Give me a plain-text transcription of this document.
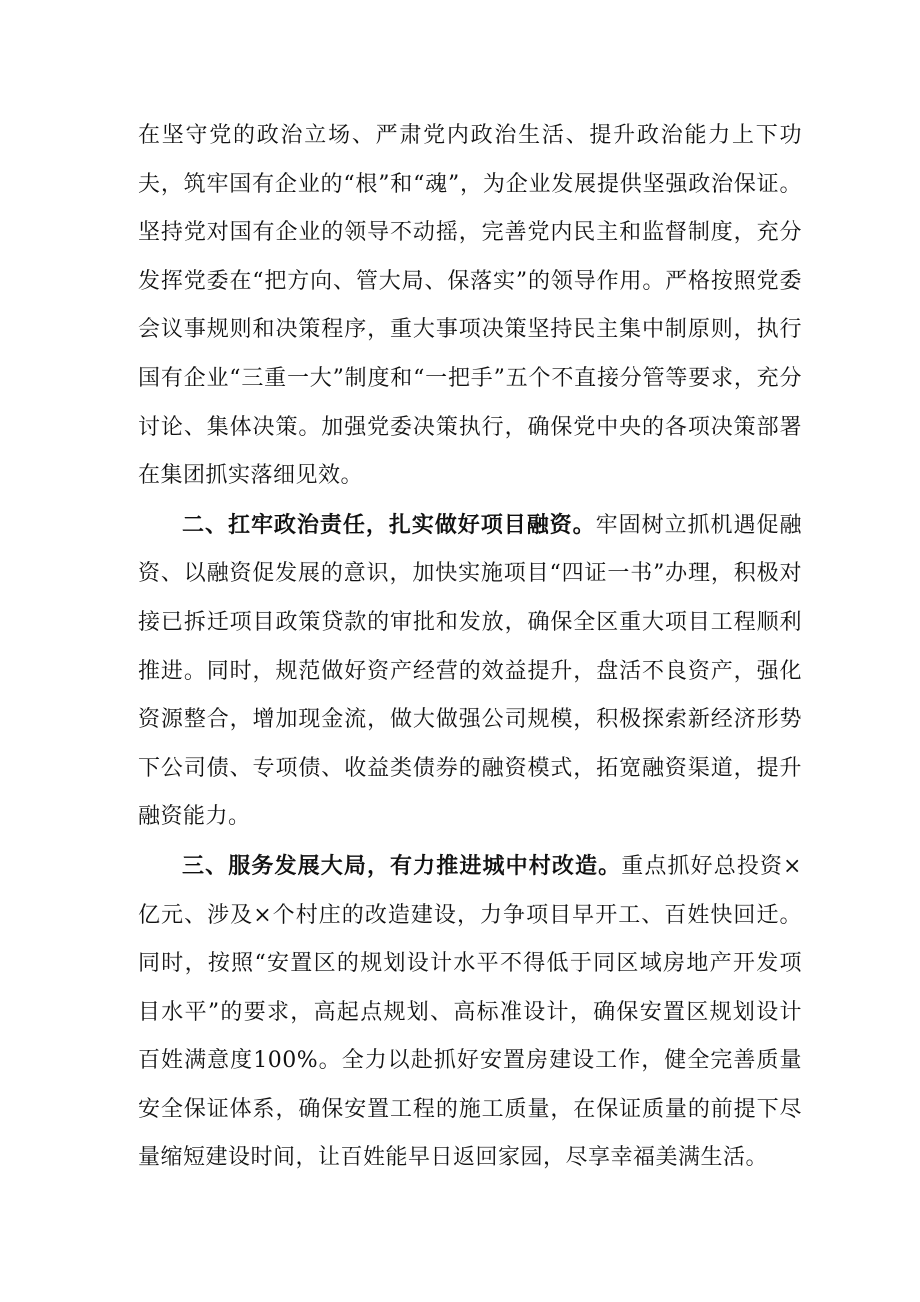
在坚守党的政治立场、严肃党内政治生活、提升政治能力上下功夫，筑牢国有企业的“根”和“魂”，为企业发展提供坚强政治保证。坚持党对国有企业的领导不动摇，完善党内民主和监督制度，充分发挥党委在“把方向、管大局、保落实”的领导作用。严格按照党委会议事规则和决策程序，重大事项决策坚持民主集中制原则，执行国有企业“三重一大”制度和“一把手”五个不直接分管等要求，充分讨论、集体决策。加强党委决策执行，确保党中央的各项决策部署在集团抓实落细见效。

二、扛牢政治责任，扎实做好项目融资。牢固树立抓机遇促融资、以融资促发展的意识，加快实施项目“四证一书”办理，积极对接已拆迁项目政策贷款的审批和发放，确保全区重大项目工程顺利推进。同时，规范做好资产经营的效益提升，盘活不良资产，强化资源整合，增加现金流，做大做强公司规模，积极探索新经济形势下公司债、专项债、收益类债券的融资模式，拓宽融资渠道，提升融资能力。

三、服务发展大局，有力推进城中村改造。重点抓好总投资×亿元、涉及×个村庄的改造建设，力争项目早开工、百姓快回迁。同时，按照“安置区的规划设计水平不得低于同区域房地产开发项目水平”的要求，高起点规划、高标准设计，确保安置区规划设计百姓满意度100%。全力以赴抓好安置房建设工作，健全完善质量安全保证体系，确保安置工程的施工质量，在保证质量的前提下尽量缩短建设时间，让百姓能早日返回家园，尽享幸福美满生活。
